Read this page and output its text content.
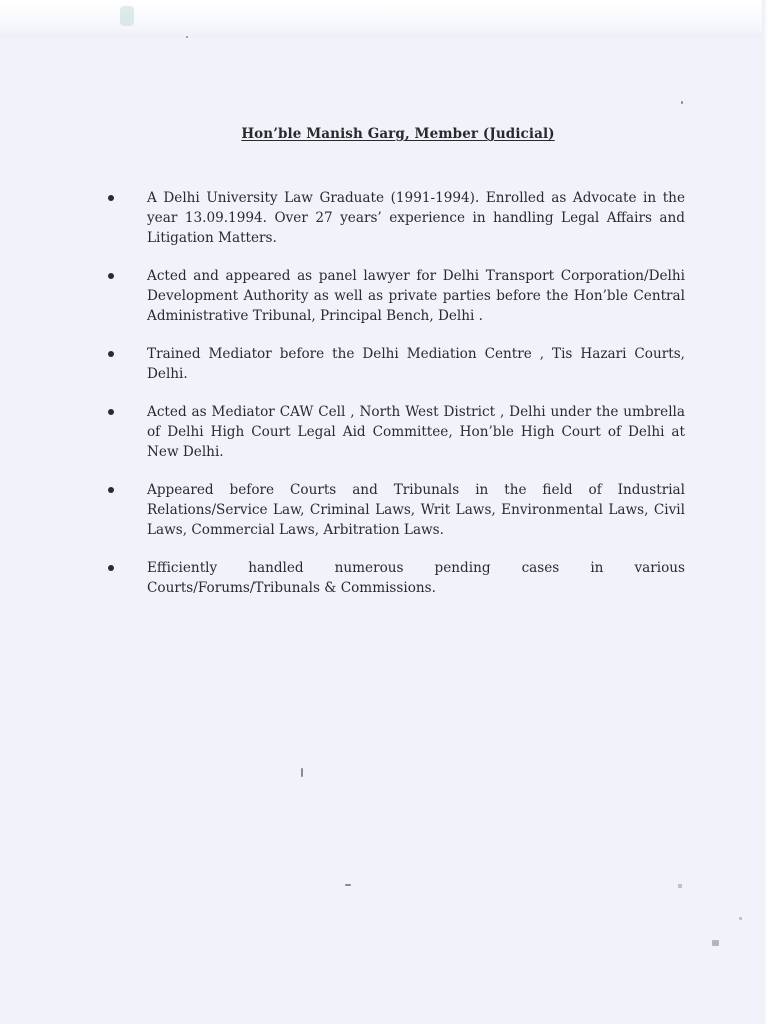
Hon’ble Manish Garg, Member (Judicial)
A Delhi University Law Graduate (1991-1994). Enrolled as Advocate in the year 13.09.1994. Over 27 years’ experience in handling Legal Affairs and Litigation Matters.
Acted and appeared as panel lawyer for Delhi Transport Corporation/Delhi Development Authority as well as private parties before the Hon’ble Central Administrative Tribunal, Principal Bench, Delhi .
Trained Mediator before the Delhi Mediation Centre , Tis Hazari Courts, Delhi.
Acted as Mediator CAW Cell , North West District , Delhi under the umbrella of Delhi High Court Legal Aid Committee, Hon’ble High Court of Delhi at New Delhi.
Appeared before Courts and Tribunals in the field of Industrial Relations/Service Law, Criminal Laws, Writ Laws, Environmental Laws, Civil Laws, Commercial Laws, Arbitration Laws.
Efficiently handled numerous pending cases in various Courts/Forums/Tribunals & Commissions.
